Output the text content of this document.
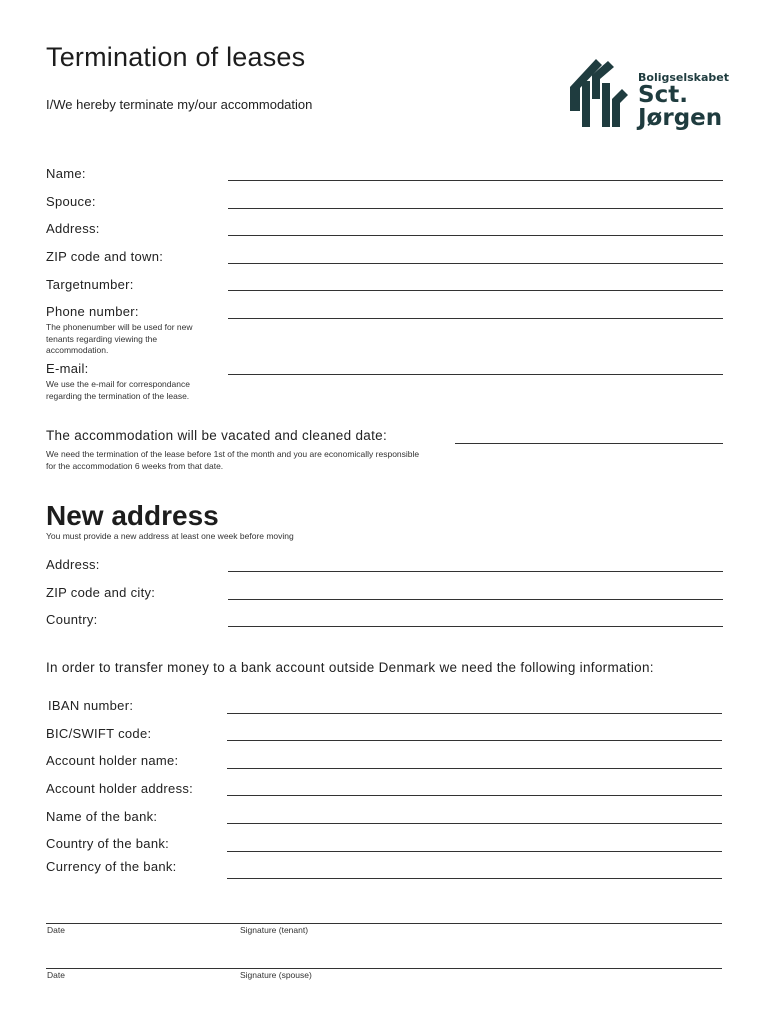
Termination of leases
I/We hereby terminate my/our accommodation
Boligselskabet
Sct.
Jørgen
Name:
Spouce:
Address:
ZIP code and town:
Targetnumber:
Phone number:
The phonenumber will be used for new tenants regarding viewing the accommodation.
E-mail:
We use the e-mail for correspondance regarding the termination of the lease.
The accommodation will be vacated and cleaned date:
We need the termination of the lease before 1st of the month and you are economically responsible for the accommodation 6 weeks from that date.
New address
You must provide a new address at least one week before moving
Address:
ZIP code and city:
Country:
In order to transfer money to a bank account outside Denmark we need the following information:
IBAN number:
BIC/SWIFT code:
Account holder name:
Account holder address:
Name of the bank:
Country of the bank:
Currency of the bank:
Date	Signature (tenant)
Date	Signature (spouse)
